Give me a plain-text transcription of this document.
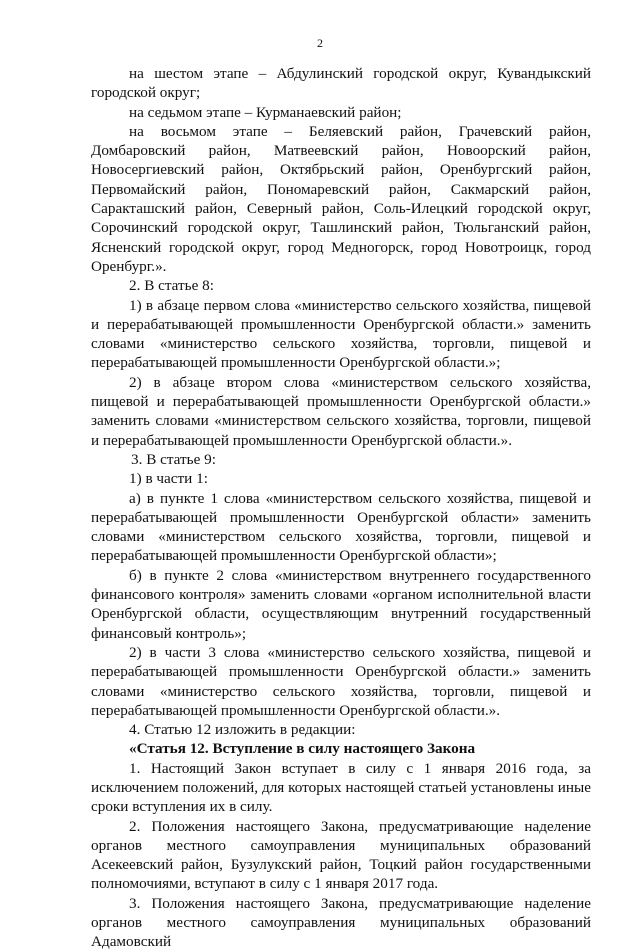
2

на шестом этапе – Абдулинский городской округ, Кувандыкский городской округ;

на седьмом этапе – Курманаевский район;

на восьмом этапе – Беляевский район, Грачевский район, Домбаровский район, Матвеевский район, Новоорский район, Новосергиевский район, Октябрьский район, Оренбургский район, Первомайский район, Пономаревский район, Сакмарский район, Саракташский район, Северный район, Соль-Илецкий городской округ, Сорочинский городской округ, Ташлинский район, Тюльганский район, Ясненский городской округ, город Медногорск, город Новотроицк, город Оренбург.».

2. В статье 8:

1) в абзаце первом слова «министерство сельского хозяйства, пищевой и перерабатывающей промышленности Оренбургской области.» заменить словами «министерство сельского хозяйства, торговли, пищевой и перерабатывающей промышленности Оренбургской области.»;

2) в абзаце втором слова «министерством сельского хозяйства, пищевой и перерабатывающей промышленности Оренбургской области.» заменить словами «министерством сельского хозяйства, торговли, пищевой и перерабатывающей промышленности Оренбургской области.».

3. В статье 9:

1) в части 1:

а) в пункте 1 слова «министерством сельского хозяйства, пищевой и перерабатывающей промышленности Оренбургской области» заменить словами «министерством сельского хозяйства, торговли, пищевой и перерабатывающей промышленности Оренбургской области»;

б) в пункте 2 слова «министерством внутреннего государственного финансового контроля» заменить словами «органом исполнительной власти Оренбургской области, осуществляющим внутренний государственный финансовый контроль»;

2) в части 3 слова «министерство сельского хозяйства, пищевой и перерабатывающей промышленности Оренбургской области.» заменить словами «министерство сельского хозяйства, торговли, пищевой и перерабатывающей промышленности Оренбургской области.».

4. Статью 12 изложить в редакции:

«Статья 12. Вступление в силу настоящего Закона

1. Настоящий Закон вступает в силу с 1 января 2016 года, за исключением положений, для которых настоящей статьей установлены иные сроки вступления их в силу.

2. Положения настоящего Закона, предусматривающие наделение органов местного самоуправления муниципальных образований Асекеевский район, Бузулукский район, Тоцкий район государственными полномочиями, вступают в силу с 1 января 2017 года.

3. Положения настоящего Закона, предусматривающие наделение органов местного самоуправления муниципальных образований Адамовский
